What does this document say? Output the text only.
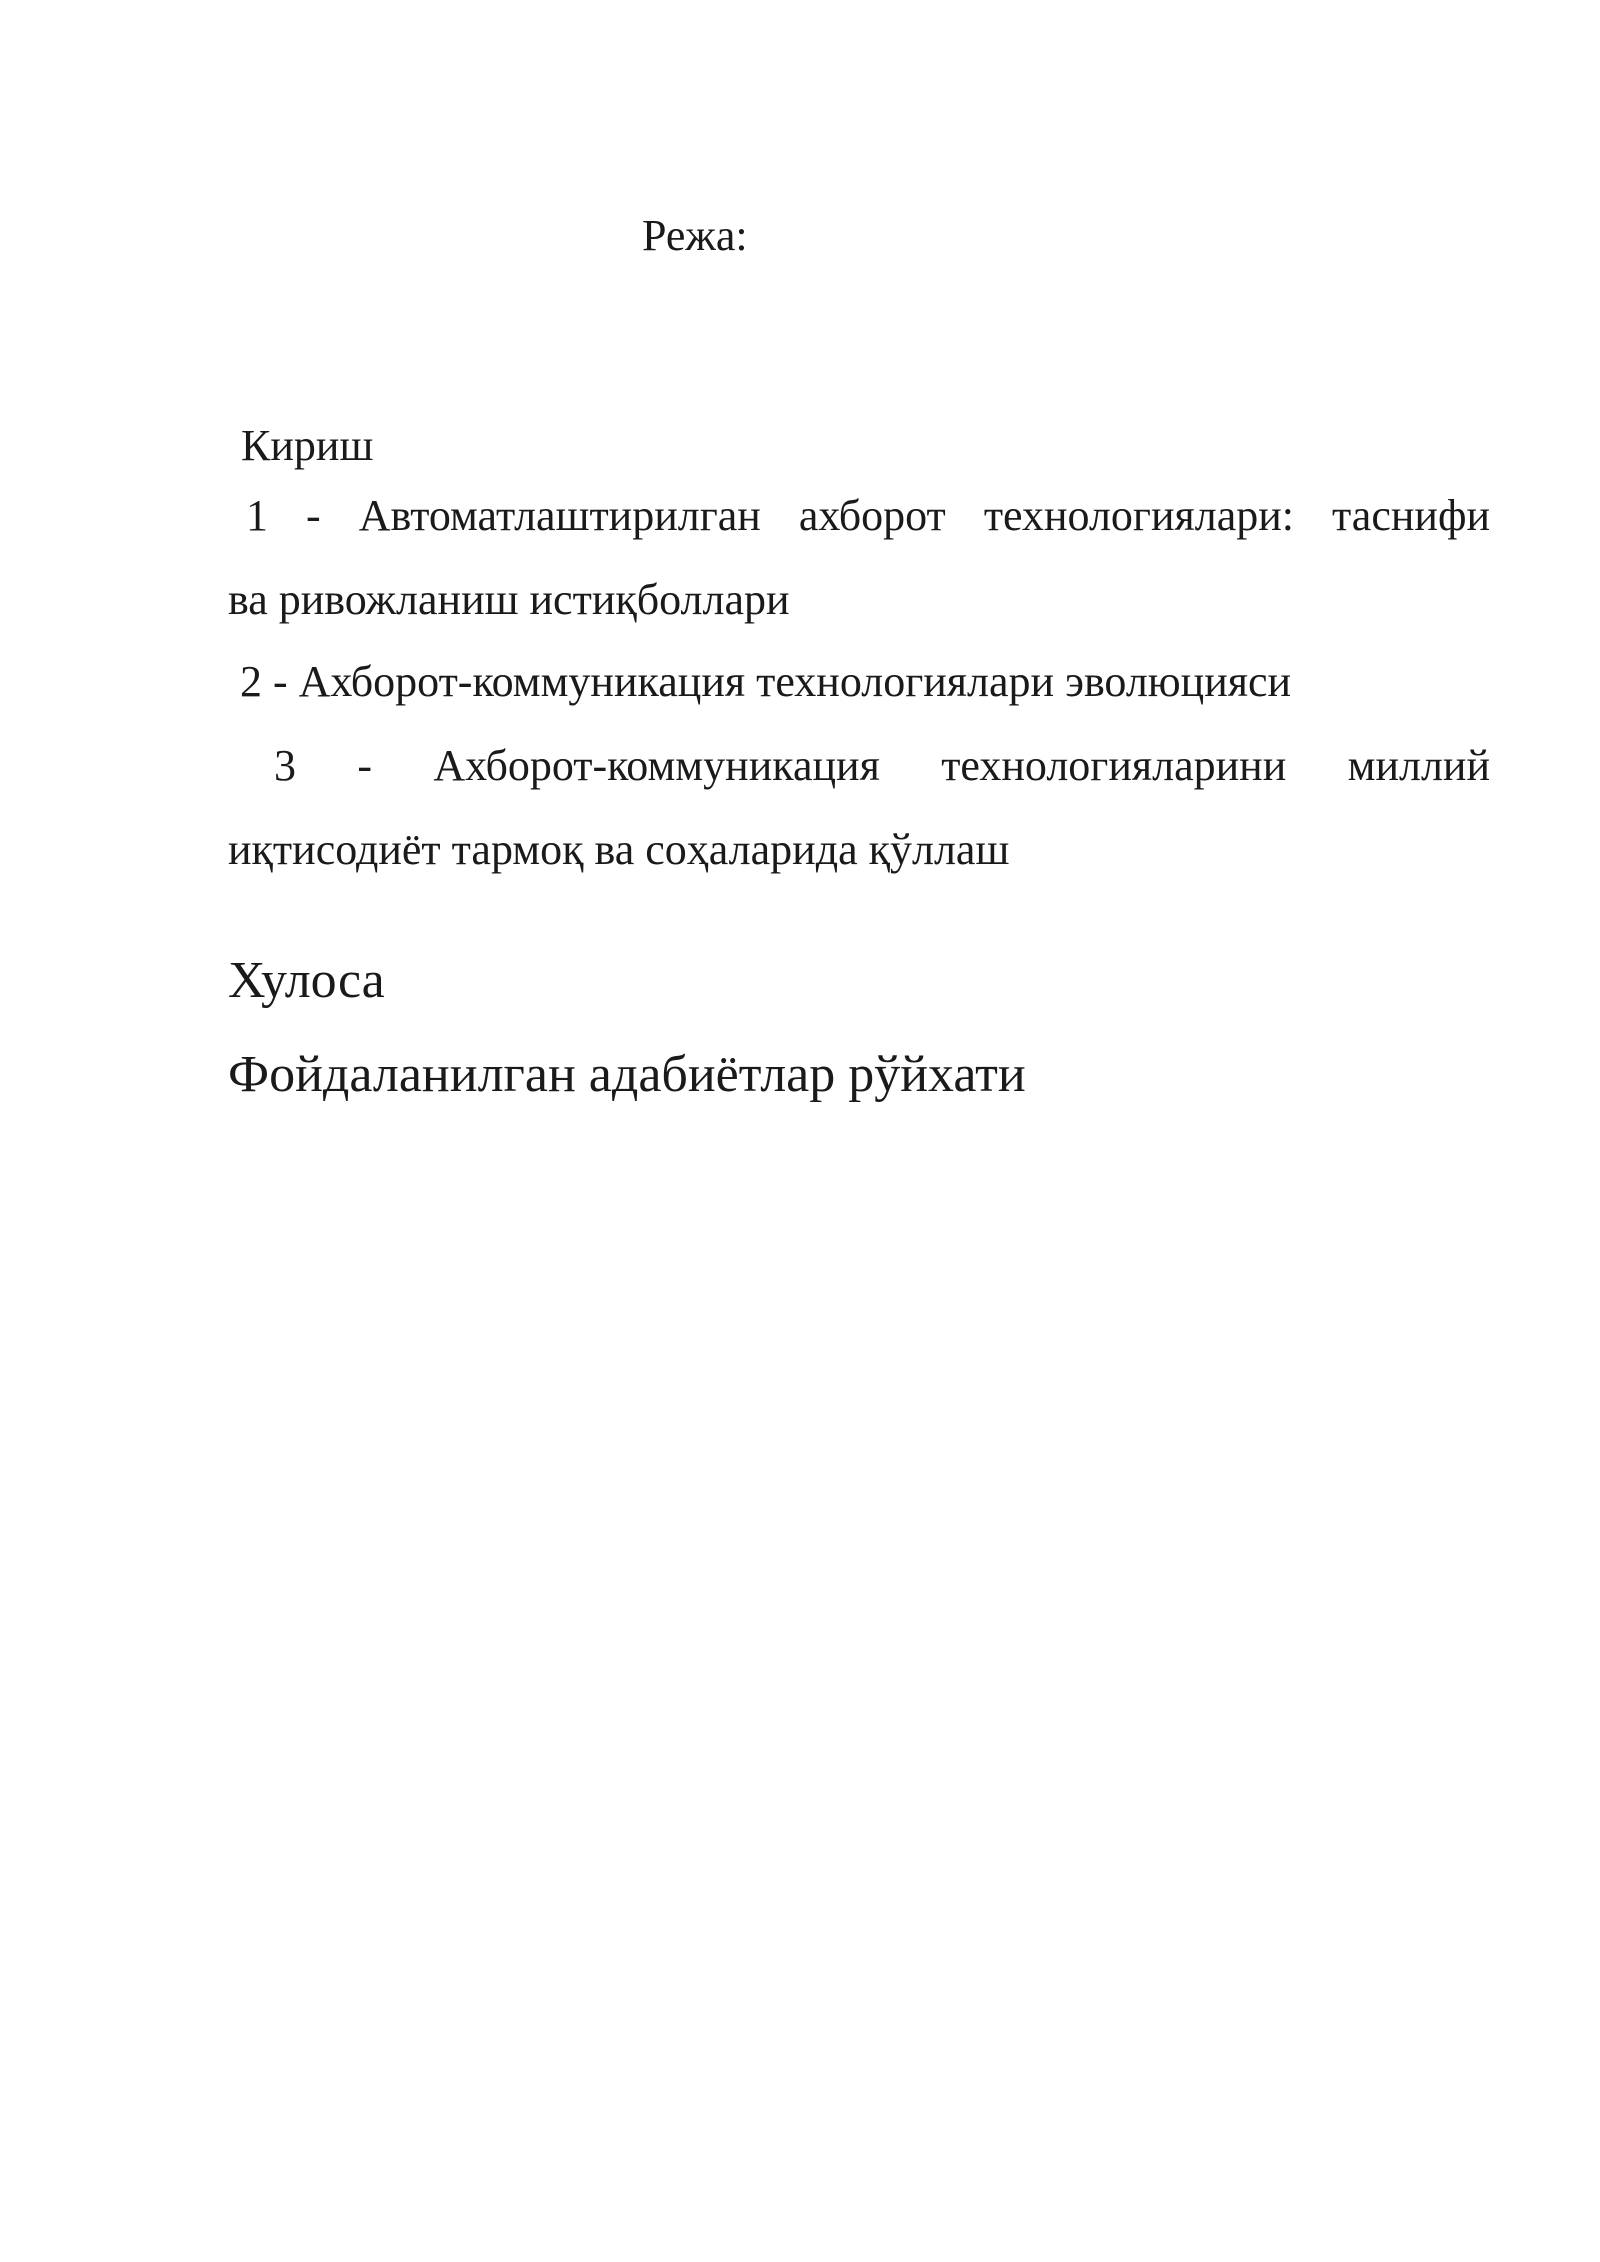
Режа:
Кириш
1 - Автоматлаштирилган ахборот технологиялари: таснифи
ва ривожланиш истиқболлари
2 - Ахборот-коммуникация технологиялари эволюцияси
3 - Ахборот-коммуникация технологияларини миллий
иқтисодиёт тармоқ ва соҳаларида қўллаш
Хулоса
Фойдаланилган адабиётлар рўйхати
